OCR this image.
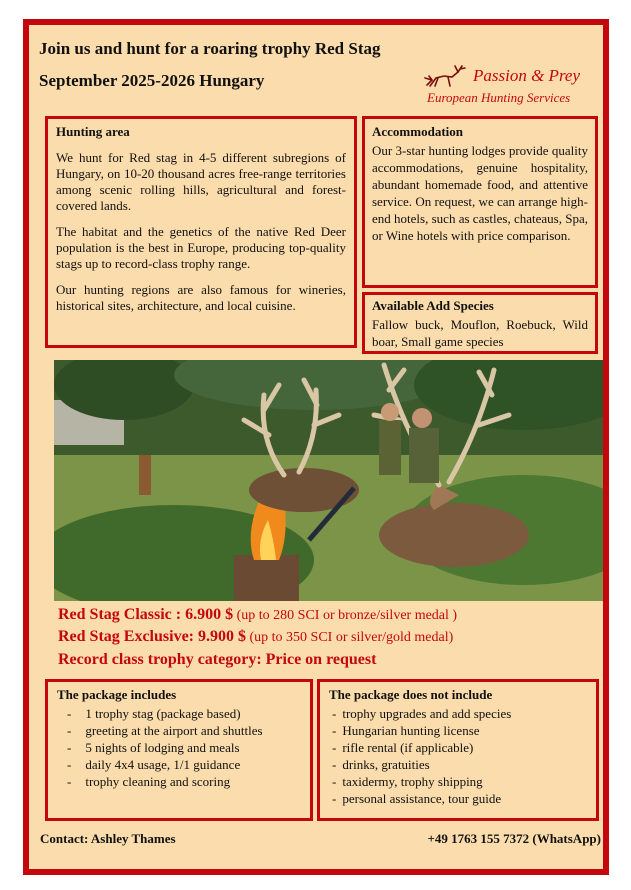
Join us and hunt for a roaring trophy Red Stag
September 2025-2026 Hungary	Passion & Prey
European Hunting Services
Hunting area

We hunt for Red stag in 4-5 different subregions of Hungary, on 10-20 thousand acres free-range territories among scenic rolling hills, agricultural and forest-covered lands.

The habitat and the genetics of the native Red Deer population is the best in Europe, producing top-quality stags up to record-class trophy range.

Our hunting regions are also famous for wineries, historical sites, architecture, and local cuisine.

Accommodation

Our 3-star hunting lodges provide quality accommodations, genuine hospitality, abundant homemade food, and attentive service. On request, we can arrange high-end hotels, such as castles, chateaus, Spa, or Wine hotels with price comparison.

Available Add Species

Fallow buck, Mouflon, Roebuck, Wild boar, Small game species

Red Stag Classic : 6.900 $ (up to 280 SCI or bronze/silver medal )
Red Stag Exclusive: 9.900 $ (up to 350 SCI or silver/gold medal)
Record class trophy category: Price on request
The package includes
- 1 trophy stag (package based)
- greeting at the airport and shuttles
- 5 nights of lodging and meals
- daily 4x4 usage, 1/1 guidance
- trophy cleaning and scoring
The package does not include
- trophy upgrades and add species
- Hungarian hunting license
- rifle rental (if applicable)
- drinks, gratuities
- taxidermy, trophy shipping
- personal assistance, tour guide
Contact: Ashley Thames	+49 1763 155 7372 (WhatsApp)
